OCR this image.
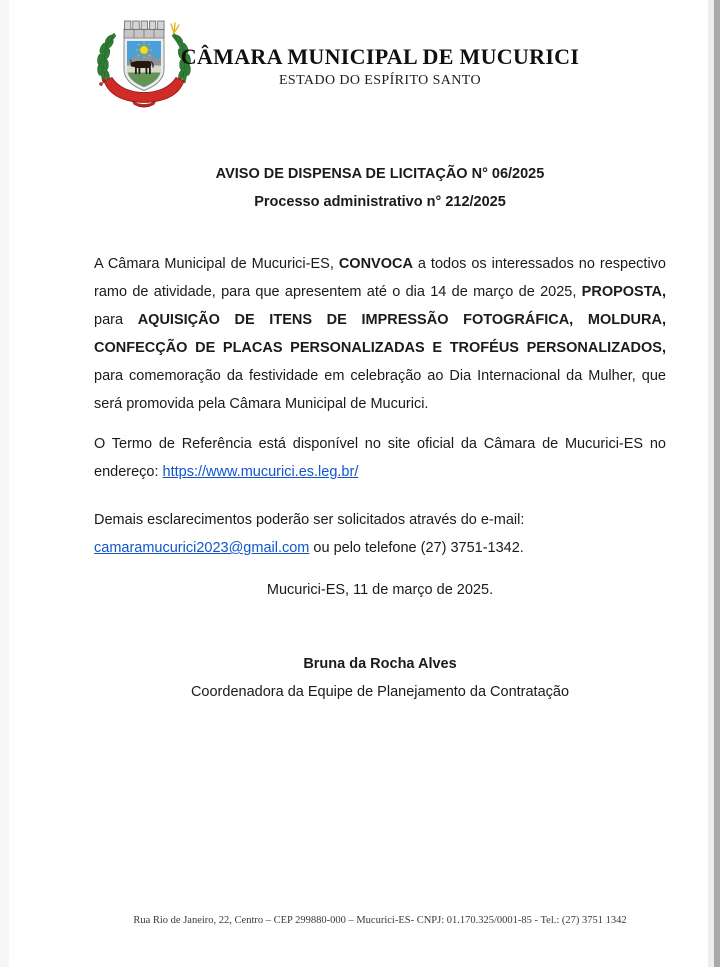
CÂMARA MUNICIPAL DE MUCURICI
ESTADO DO ESPÍRITO SANTO
AVISO DE DISPENSA DE LICITAÇÃO N° 06/2025
Processo administrativo n° 212/2025

A Câmara Municipal de Mucurici-ES, CONVOCA a todos os interessados no respectivo ramo de atividade, para que apresentem até o dia 14 de março de 2025, PROPOSTA, para AQUISIÇÃO DE ITENS DE IMPRESSÃO FOTOGRÁFICA, MOLDURA, CONFECÇÃO DE PLACAS PERSONALIZADAS E TROFÉUS PERSONALIZADOS, para comemoração da festividade em celebração ao Dia Internacional da Mulher, que será promovida pela Câmara Municipal de Mucurici.

O Termo de Referência está disponível no site oficial da Câmara de Mucurici-ES no endereço: https://www.mucurici.es.leg.br/

Demais esclarecimentos poderão ser solicitados através do e-mail: camaramucurici2023@gmail.com ou pelo telefone (27) 3751-1342.

Mucurici-ES, 11 de março de 2025.
Bruna da Rocha Alves
Coordenadora da Equipe de Planejamento da Contratação
Rua Rio de Janeiro, 22, Centro – CEP 299880-000 – Mucurici-ES- CNPJ: 01.170.325/0001-85 - Tel.: (27) 3751 1342
